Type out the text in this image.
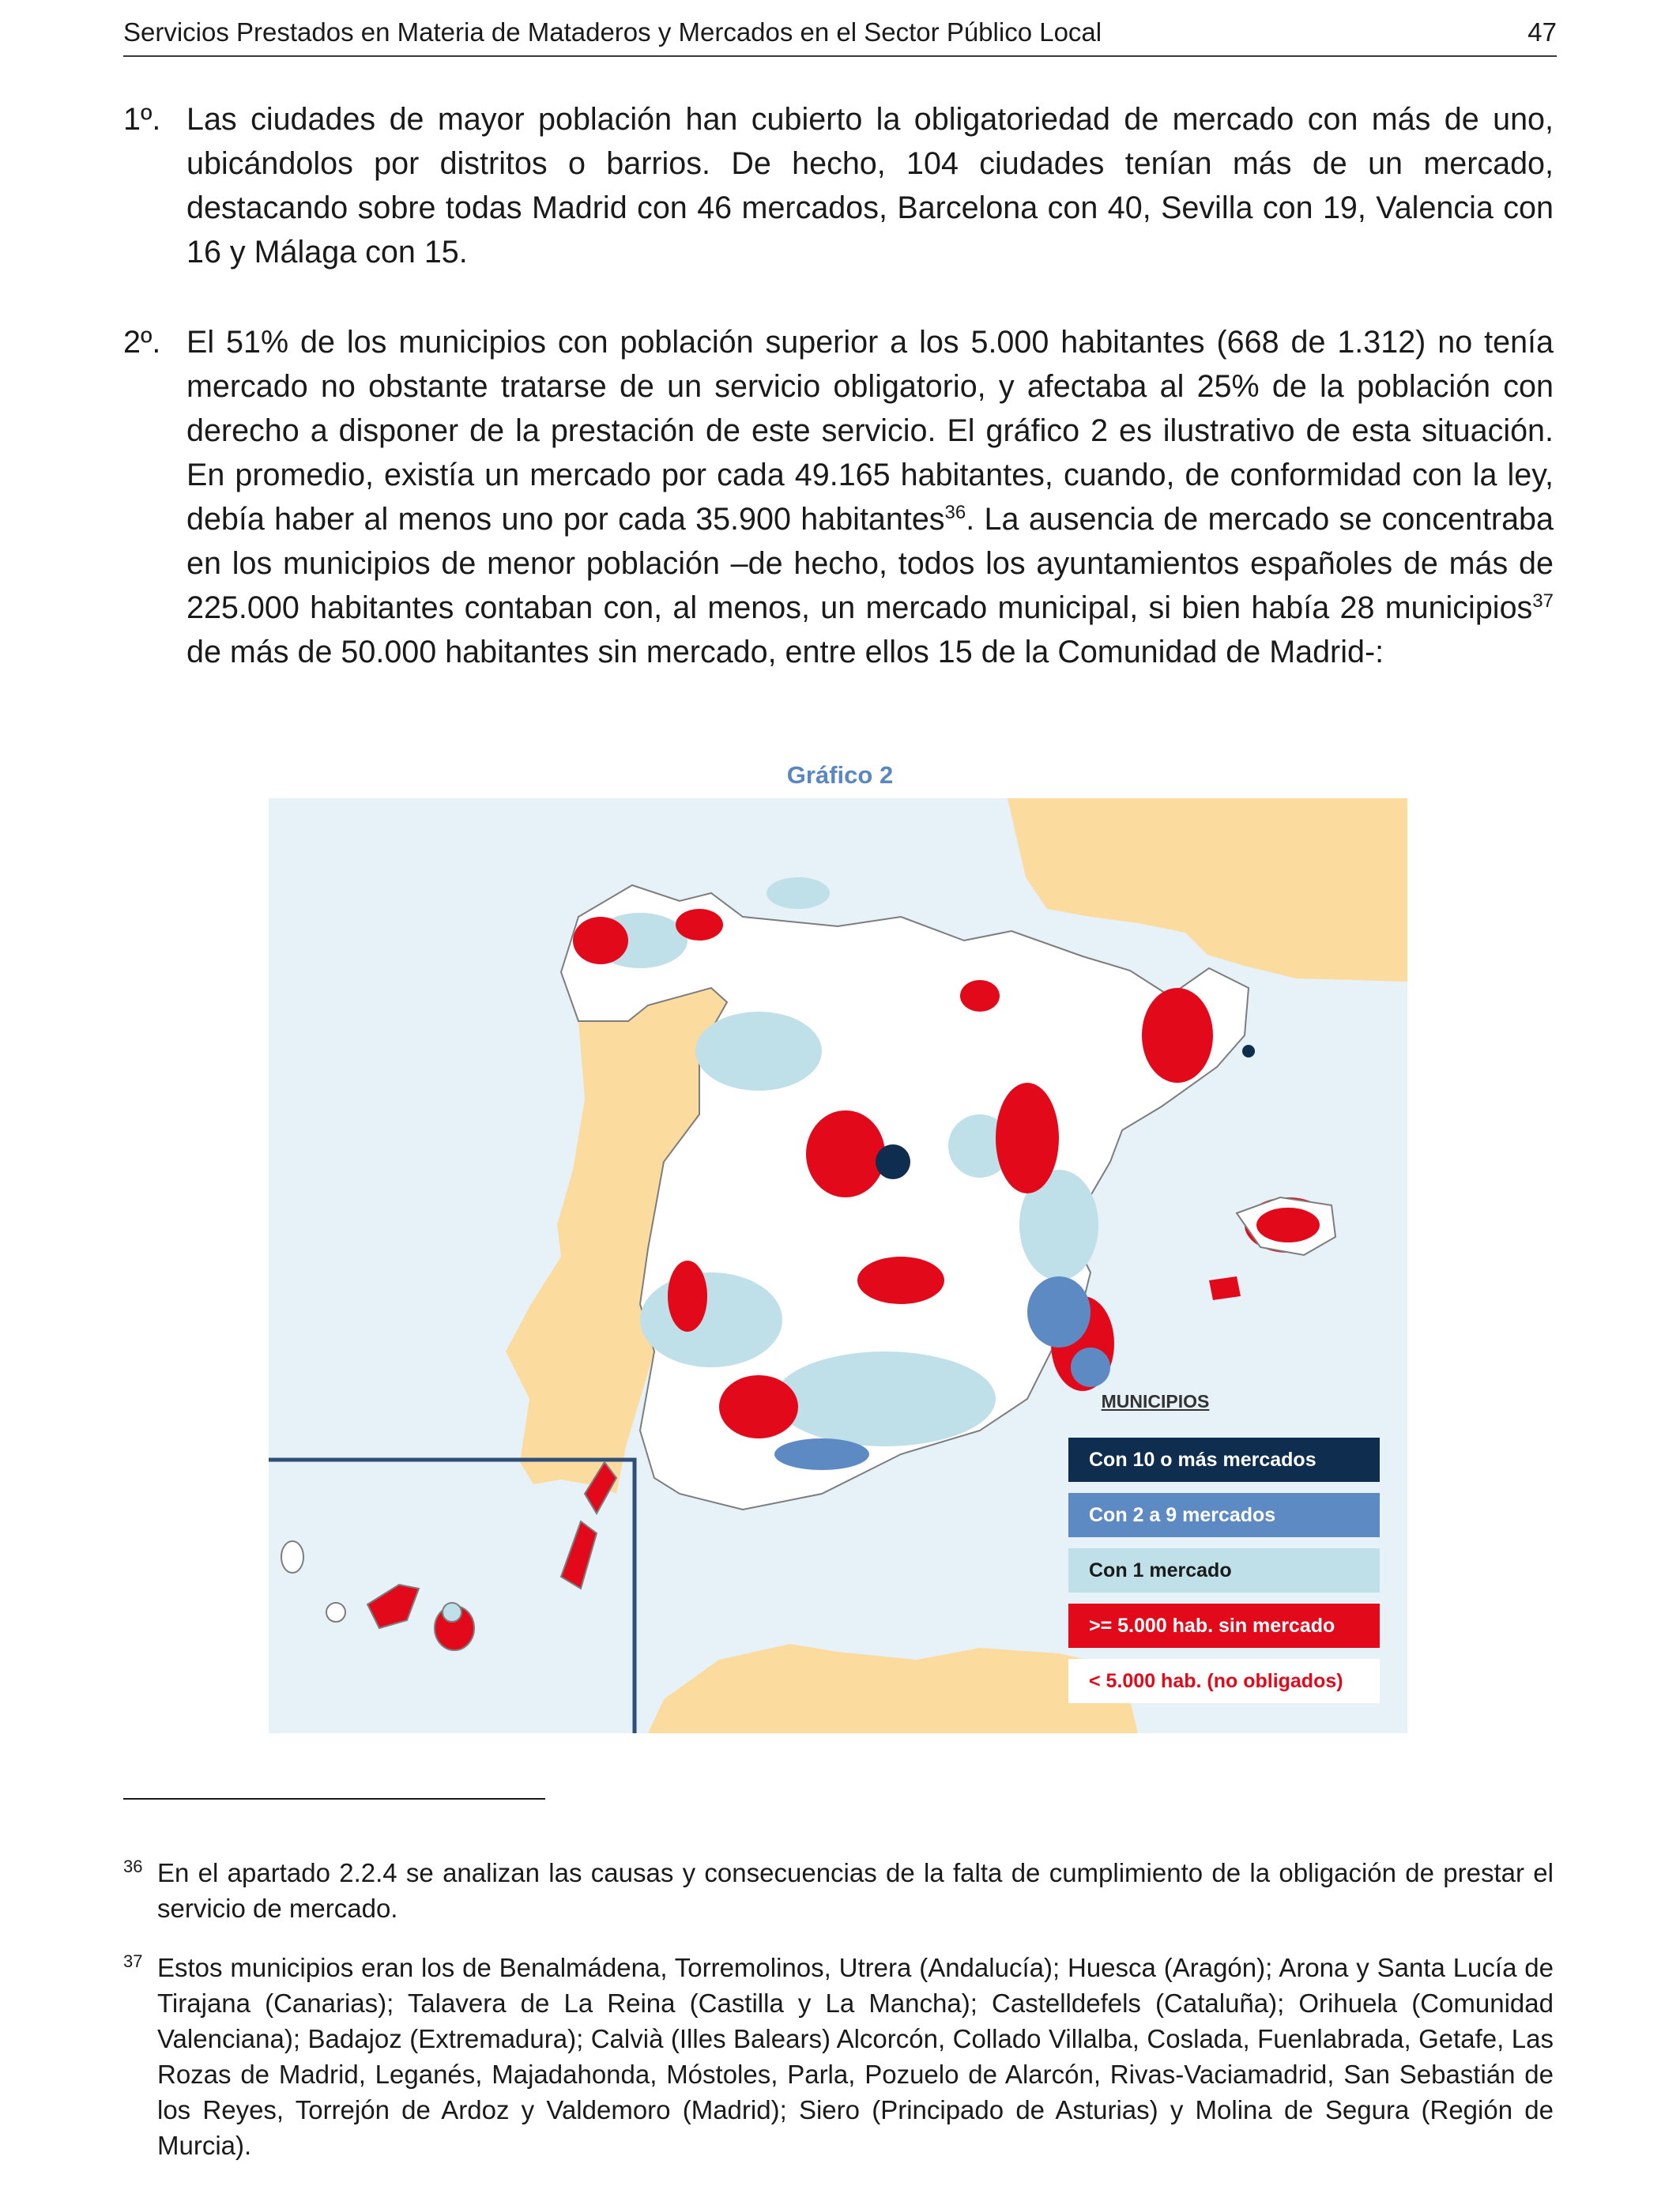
Servicios Prestados en Materia de Mataderos y Mercados en el Sector Público Local	47
1º. Las ciudades de mayor población han cubierto la obligatoriedad de mercado con más de uno, ubicándolos por distritos o barrios. De hecho, 104 ciudades tenían más de un mercado, destacando sobre todas Madrid con 46 mercados, Barcelona con 40, Sevilla con 19, Valencia con 16 y Málaga con 15.
2º. El 51% de los municipios con población superior a los 5.000 habitantes (668 de 1.312) no tenía mercado no obstante tratarse de un servicio obligatorio, y afectaba al 25% de la población con derecho a disponer de la prestación de este servicio. El gráfico 2 es ilustrativo de esta situación. En promedio, existía un mercado por cada 49.165 habitantes, cuando, de conformidad con la ley, debía haber al menos uno por cada 35.900 habitantes$^{36}$. La ausencia de mercado se concentraba en los municipios de menor población –de hecho, todos los ayuntamientos españoles de más de 225.000 habitantes contaban con, al menos, un mercado municipal, si bien había 28 municipios$^{37}$ de más de 50.000 habitantes sin mercado, entre ellos 15 de la Comunidad de Madrid-:
Gráfico 2
MUNICIPIOS
Con 10 o más mercados
Con 2 a 9 mercados
Con 1 mercado
>= 5.000 hab. sin mercado
< 5.000 hab. (no obligados)
36 En el apartado 2.2.4 se analizan las causas y consecuencias de la falta de cumplimiento de la obligación de prestar el servicio de mercado.
37 Estos municipios eran los de Benalmádena, Torremolinos, Utrera (Andalucía); Huesca (Aragón); Arona y Santa Lucía de Tirajana (Canarias); Talavera de La Reina (Castilla y La Mancha); Castelldefels (Cataluña); Orihuela (Comunidad Valenciana); Badajoz (Extremadura); Calvià (Illes Balears) Alcorcón, Collado Villalba, Coslada, Fuenlabrada, Getafe, Las Rozas de Madrid, Leganés, Majadahonda, Móstoles, Parla, Pozuelo de Alarcón, Rivas-Vaciamadrid, San Sebastián de los Reyes, Torrejón de Ardoz y Valdemoro (Madrid); Siero (Principado de Asturias) y Molina de Segura (Región de Murcia).
